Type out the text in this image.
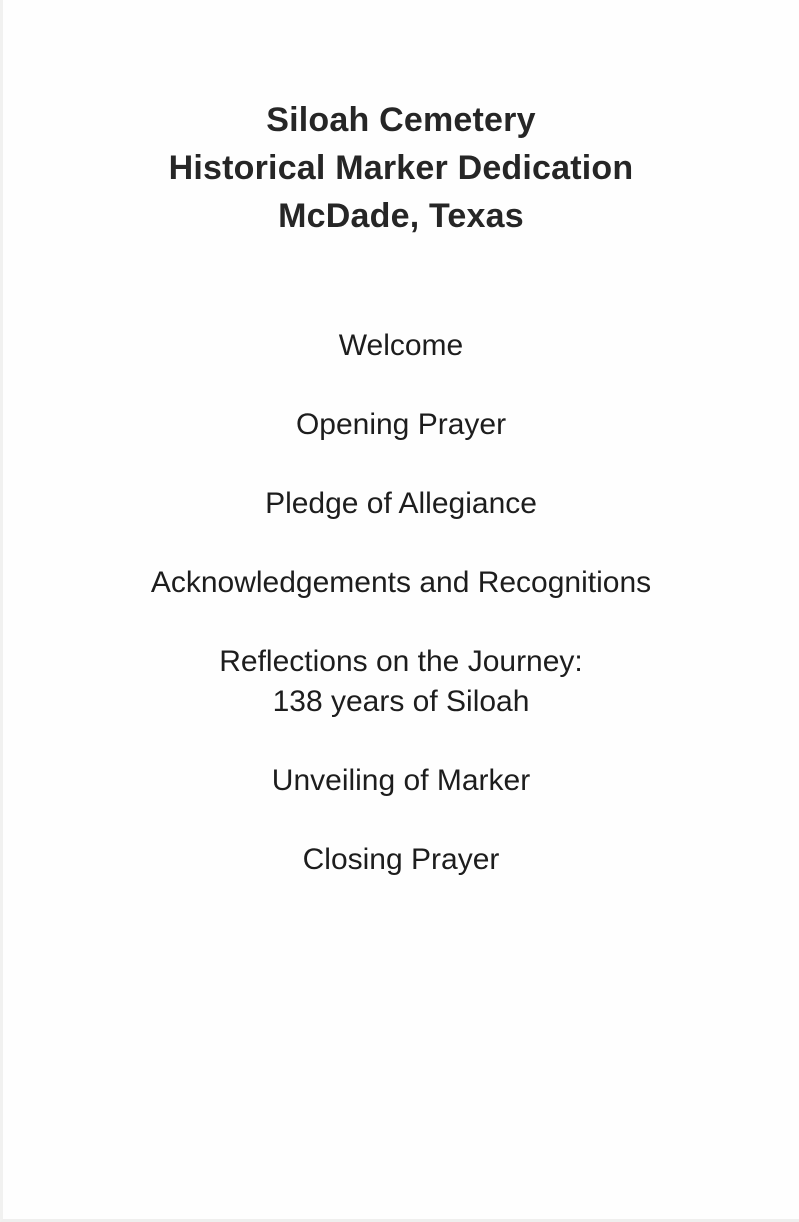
Siloah Cemetery
Historical Marker Dedication
McDade, Texas
Welcome
Opening Prayer
Pledge of Allegiance
Acknowledgements and Recognitions
Reflections on the Journey:
138 years of Siloah
Unveiling of Marker
Closing Prayer
